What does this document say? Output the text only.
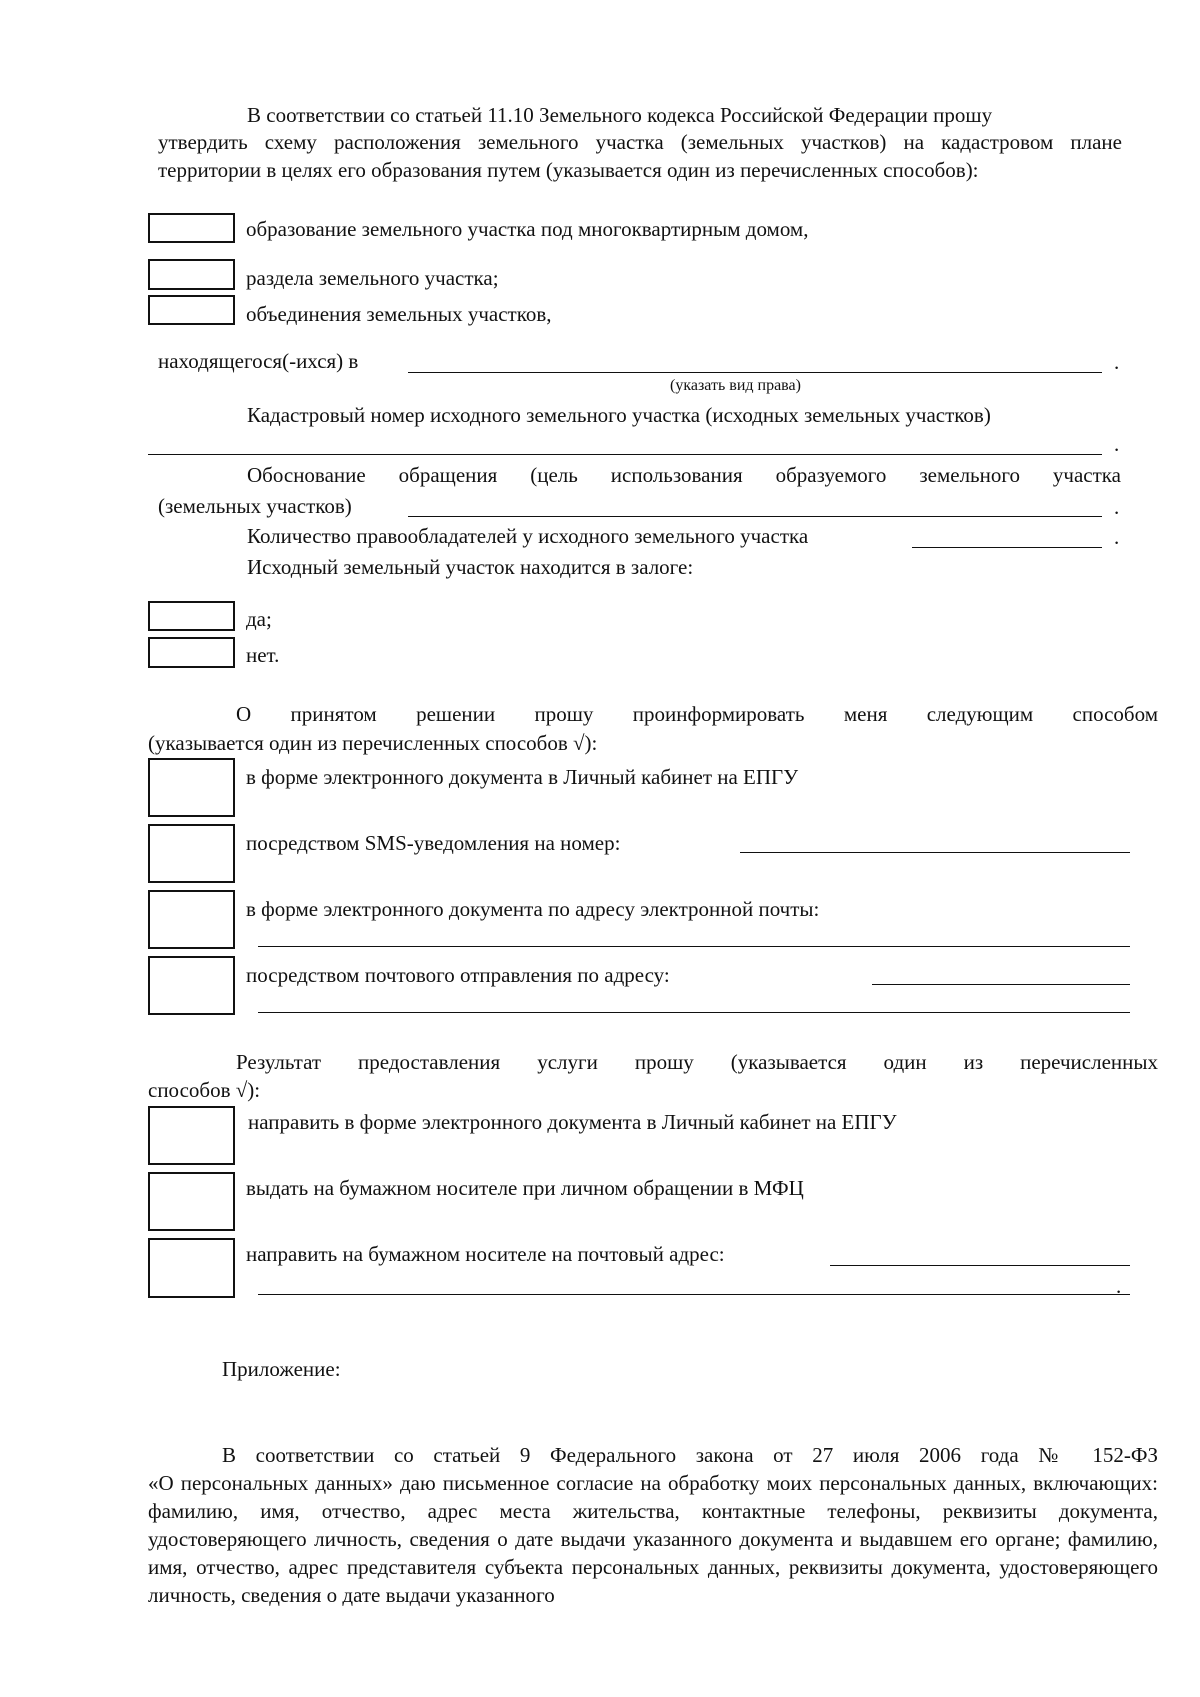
В соответствии со статьей 11.10 Земельного кодекса Российской Федерации прошу
утвердить схему расположения земельного участка (земельных участков) на кадастровом плане территории в целях его образования путем (указывается один из перечисленных способов):
образование земельного участка под многоквартирным домом,
раздела земельного участка;
объединения земельных участков,
находящегося(-ихся) в	.
(указать вид права)
Кадастровый номер исходного земельного участка (исходных земельных участков)
.
Обоснование обращения (цель использования образуемого земельного участка
(земельных участков)	.
Количество правообладателей у исходного земельного участка	.
Исходный земельный участок находится в залоге:
да;
нет.
О принятом решении прошу проинформировать меня следующим способом
(указывается один из перечисленных способов √):
в форме электронного документа в Личный кабинет на ЕПГУ
посредством SMS-уведомления на номер:
в форме электронного документа по адресу электронной почты:
посредством почтового отправления по адресу:
Результат предоставления услуги прошу (указывается один из перечисленных
способов √):
направить в форме электронного документа в Личный кабинет на ЕПГУ
выдать на бумажном носителе при личном обращении в МФЦ
направить на бумажном носителе на почтовый адрес:
.
Приложение:
В соответствии со статьей 9 Федерального закона от 27 июля 2006 года № 152-ФЗ
«О персональных данных» даю письменное согласие на обработку моих персональных данных, включающих: фамилию, имя, отчество, адрес места жительства, контактные телефоны, реквизиты документа, удостоверяющего личность, сведения о дате выдачи указанного документа и выдавшем его органе; фамилию, имя, отчество, адрес представителя субъекта персональных данных, реквизиты документа, удостоверяющего личность, сведения о дате выдачи указанного
